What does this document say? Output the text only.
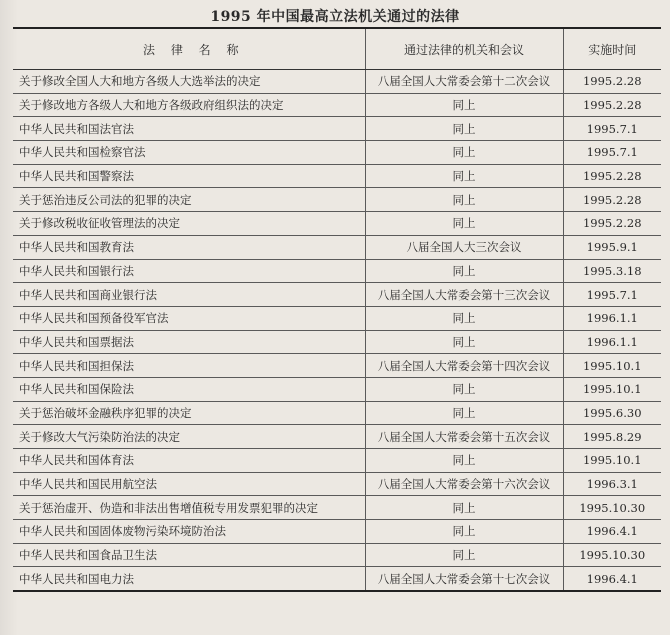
1995 年中国最高立法机关通过的法律
法 律 名 称	通过法律的机关和会议	实施时间
关于修改全国人大和地方各级人大选举法的决定	八届全国人大常委会第十二次会议	1995.2.28
关于修改地方各级人大和地方各级政府组织法的决定	同上	1995.2.28
中华人民共和国法官法	同上	1995.7.1
中华人民共和国检察官法	同上	1995.7.1
中华人民共和国警察法	同上	1995.2.28
关于惩治违反公司法的犯罪的决定	同上	1995.2.28
关于修改税收征收管理法的决定	同上	1995.2.28
中华人民共和国教育法	八届全国人大三次会议	1995.9.1
中华人民共和国银行法	同上	1995.3.18
中华人民共和国商业银行法	八届全国人大常委会第十三次会议	1995.7.1
中华人民共和国预备役军官法	同上	1996.1.1
中华人民共和国票据法	同上	1996.1.1
中华人民共和国担保法	八届全国人大常委会第十四次会议	1995.10.1
中华人民共和国保险法	同上	1995.10.1
关于惩治破坏金融秩序犯罪的决定	同上	1995.6.30
关于修改大气污染防治法的决定	八届全国人大常委会第十五次会议	1995.8.29
中华人民共和国体育法	同上	1995.10.1
中华人民共和国民用航空法	八届全国人大常委会第十六次会议	1996.3.1
关于惩治虚开、伪造和非法出售增值税专用发票犯罪的决定	同上	1995.10.30
中华人民共和国固体废物污染环境防治法	同上	1996.4.1
中华人民共和国食品卫生法	同上	1995.10.30
中华人民共和国电力法	八届全国人大常委会第十七次会议	1996.4.1
